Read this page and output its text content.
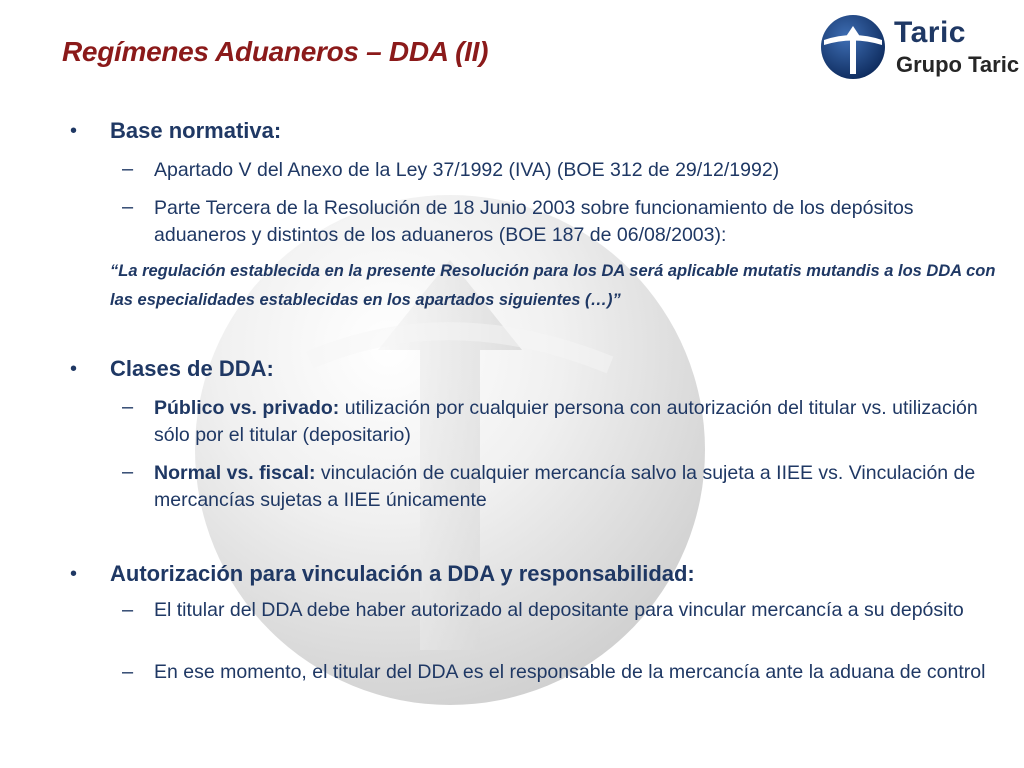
Regímenes Aduaneros – DDA (II)
Taric
Grupo Taric
• Base normativa:
– Apartado V del Anexo de la Ley 37/1992 (IVA) (BOE 312 de 29/12/1992)
– Parte Tercera de la Resolución de 18 Junio 2003 sobre funcionamiento de los depósitos aduaneros y distintos de los aduaneros (BOE 187 de 06/08/2003):
“La regulación establecida en la presente Resolución para los DA será aplicable mutatis mutandis a los DDA con las especialidades establecidas en los apartados siguientes (…)”
• Clases de DDA:
– Público vs. privado: utilización por cualquier persona con autorización del titular vs. utilización sólo por el titular (depositario)
– Normal vs. fiscal: vinculación de cualquier mercancía salvo la sujeta a IIEE vs. Vinculación de mercancías sujetas a IIEE únicamente
• Autorización para vinculación a DDA y responsabilidad:
– El titular del DDA debe haber autorizado al depositante para vincular mercancía a su depósito
– En ese momento, el titular del DDA es el responsable de la mercancía ante la aduana de control
